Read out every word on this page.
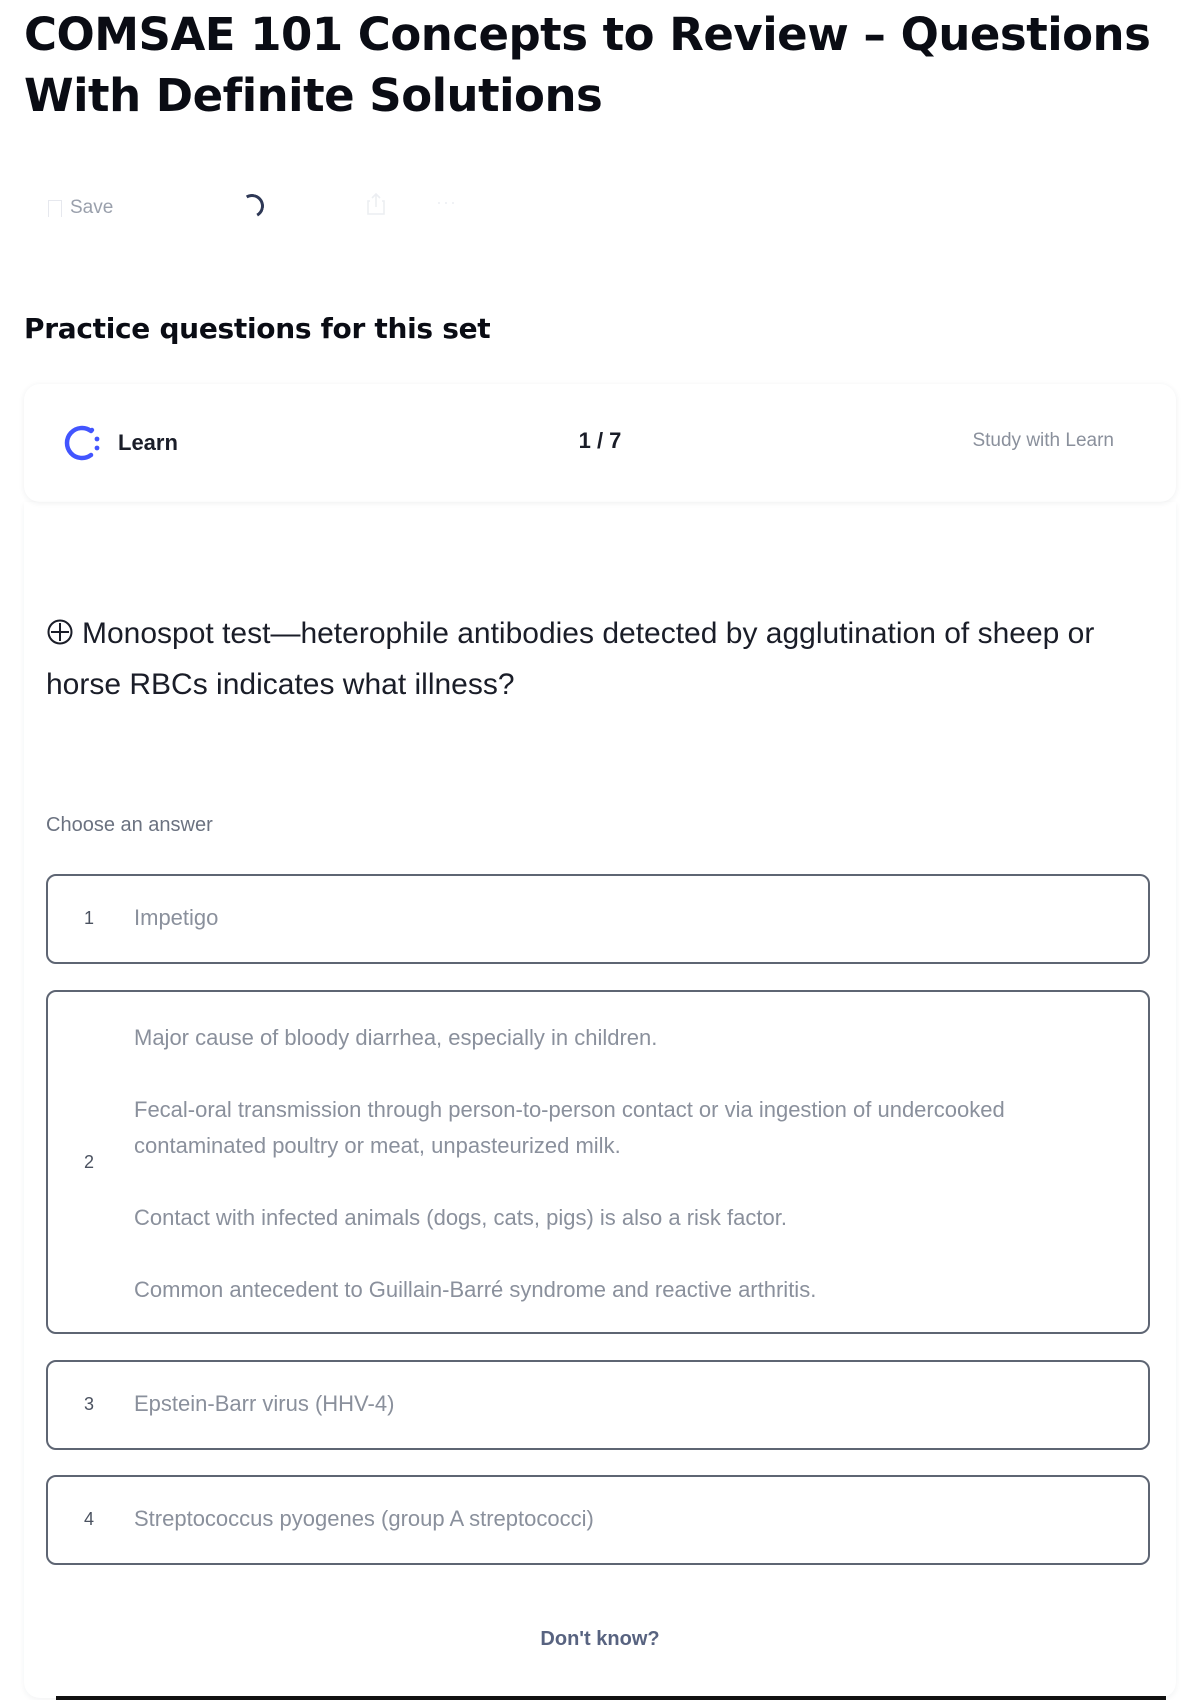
COMSAE 101 Concepts to Review – Questions With Definite Solutions
Save	···
Practice questions for this set
Learn	1 / 7	Study with Learn

Monospot test—heterophile antibodies detected by agglutination of sheep or horse RBCs indicates what illness?

Choose an answer
1 Impetigo
2

Major cause of bloody diarrhea, especially in children.

Fecal-oral transmission through person-to-person contact or via ingestion of undercooked contaminated poultry or meat, unpasteurized milk.

Contact with infected animals (dogs, cats, pigs) is also a risk factor.

Common antecedent to Guillain-Barré syndrome and reactive arthritis.

3 Epstein-Barr virus (HHV-4)
4 Streptococcus pyogenes (group A streptococci)
Don't know?
